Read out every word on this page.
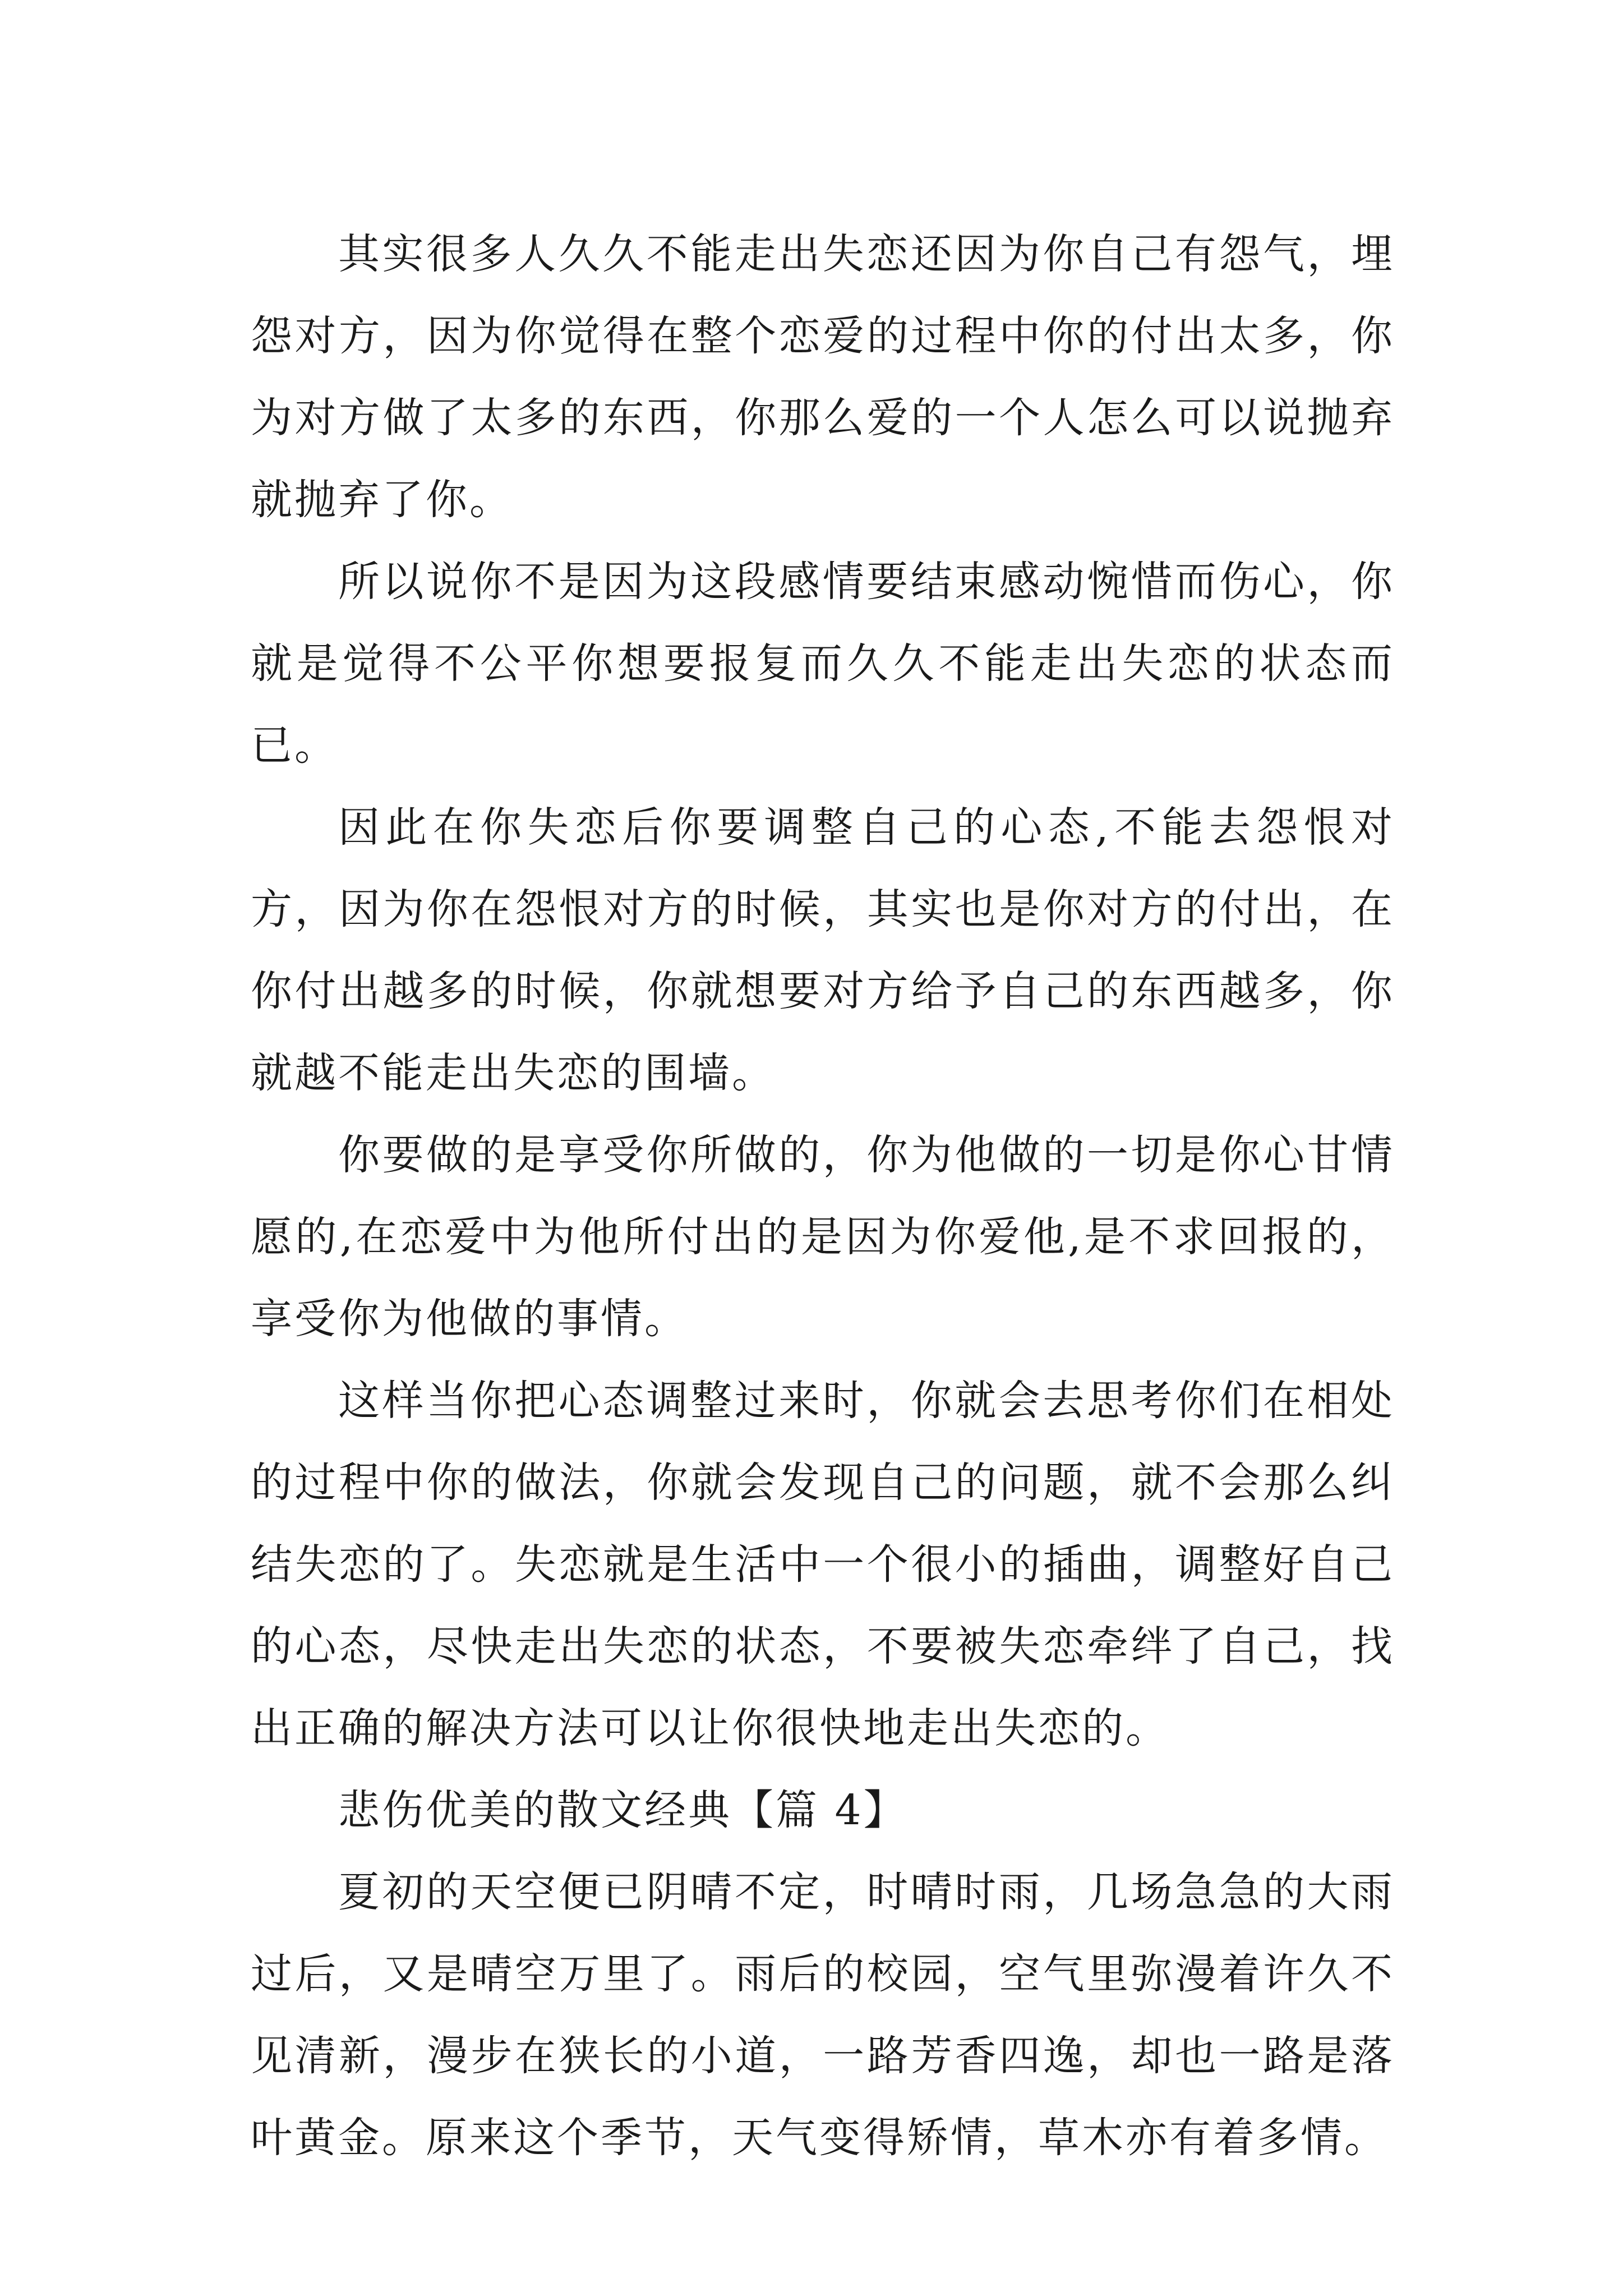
其实很多人久久不能走出失恋还因为你自己有怨气，埋怨对方，因为你觉得在整个恋爱的过程中你的付出太多，你为对方做了太多的东西，你那么爱的一个人怎么可以说抛弃就抛弃了你。

所以说你不是因为这段感情要结束感动惋惜而伤心，你就是觉得不公平你想要报复而久久不能走出失恋的状态而已。

因此在你失恋后你要调整自己的心态,不能去怨恨对方，因为你在怨恨对方的时候，其实也是你对方的付出，在你付出越多的时候，你就想要对方给予自己的东西越多，你就越不能走出失恋的围墙。

你要做的是享受你所做的，你为他做的一切是你心甘情愿的,在恋爱中为他所付出的是因为你爱他,是不求回报的，享受你为他做的事情。

这样当你把心态调整过来时，你就会去思考你们在相处的过程中你的做法，你就会发现自己的问题，就不会那么纠结失恋的了。失恋就是生活中一个很小的插曲，调整好自己的心态，尽快走出失恋的状态，不要被失恋牵绊了自己，找出正确的解决方法可以让你很快地走出失恋的。

悲伤优美的散文经典【篇 4】

夏初的天空便已阴晴不定，时晴时雨，几场急急的大雨过后，又是晴空万里了。雨后的校园，空气里弥漫着许久不见清新，漫步在狭长的小道，一路芳香四逸，却也一路是落叶黄金。原来这个季节，天气变得矫情，草木亦有着多情。
